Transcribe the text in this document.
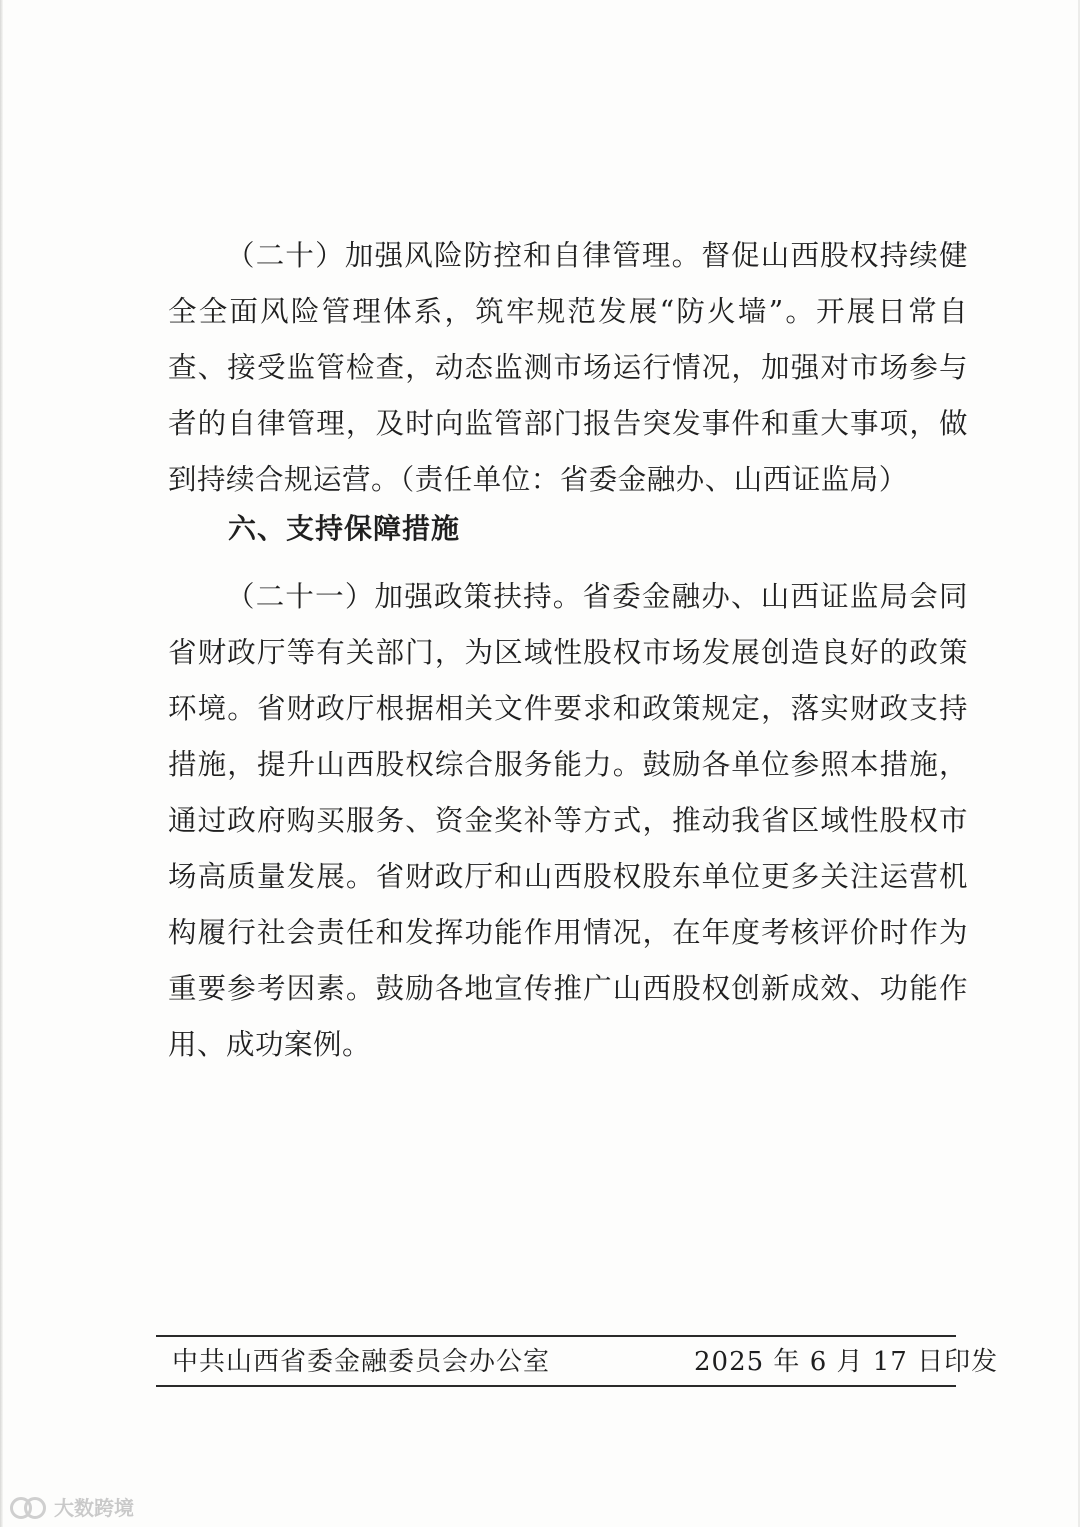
（二十）加强风险防控和自律管理。督促山西股权持续健全全面风险管理体系，筑牢规范发展“防火墙”。开展日常自查、接受监管检查，动态监测市场运行情况，加强对市场参与者的自律管理，及时向监管部门报告突发事件和重大事项，做到持续合规运营。（责任单位：省委金融办、山西证监局）

六、支持保障措施

（二十一）加强政策扶持。省委金融办、山西证监局会同省财政厅等有关部门，为区域性股权市场发展创造良好的政策环境。省财政厅根据相关文件要求和政策规定，落实财政支持措施，提升山西股权综合服务能力。鼓励各单位参照本措施，通过政府购买服务、资金奖补等方式，推动我省区域性股权市场高质量发展。省财政厅和山西股权股东单位更多关注运营机构履行社会责任和发挥功能作用情况，在年度考核评价时作为重要参考因素。鼓励各地宣传推广山西股权创新成效、功能作用、成功案例。

中共山西省委金融委员会办公室	2025 年 6 月 17 日印发
大数跨境
